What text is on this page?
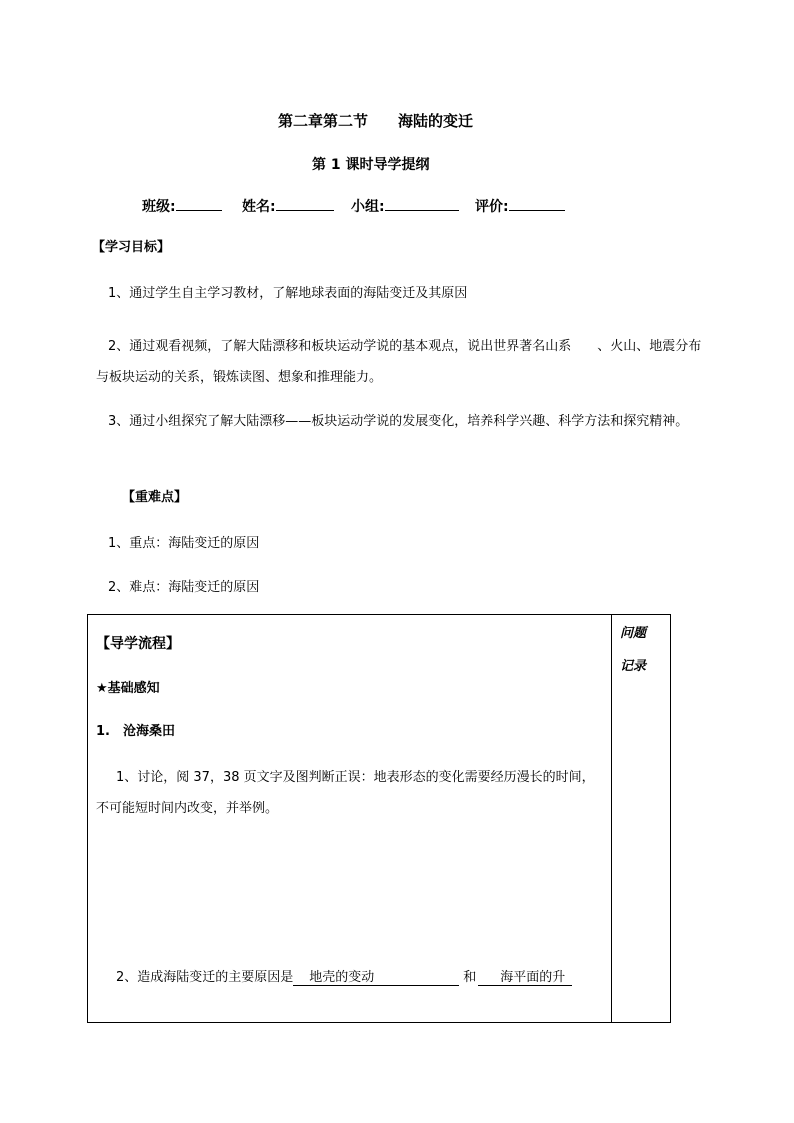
第二章第二节　　海陆的变迁
第 1 课时导学提纲
班级:	姓名:	小组:	评价:
【学习目标】
1、通过学生自主学习教材，了解地球表面的海陆变迁及其原因
2、通过观看视频，了解大陆漂移和板块运动学说的基本观点，说出世界著名山系　　、火山、地震分布与板块运动的关系，锻炼读图、想象和推理能力。
3、通过小组探究了解大陆漂移——板块运动学说的发展变化，培养科学兴趣、科学方法和探究精神。
【重难点】
1、重点：海陆变迁的原因
2、难点：海陆变迁的原因
【导学流程】
★基础感知
1.　沧海桑田
1、讨论，阅 37，38 页文字及图判断正误：地表形态的变化需要经历漫长的时间，不可能短时间内改变，并举例。
2、造成海陆变迁的主要原因是 地壳的变动	和 海平面的升
问题
记录
